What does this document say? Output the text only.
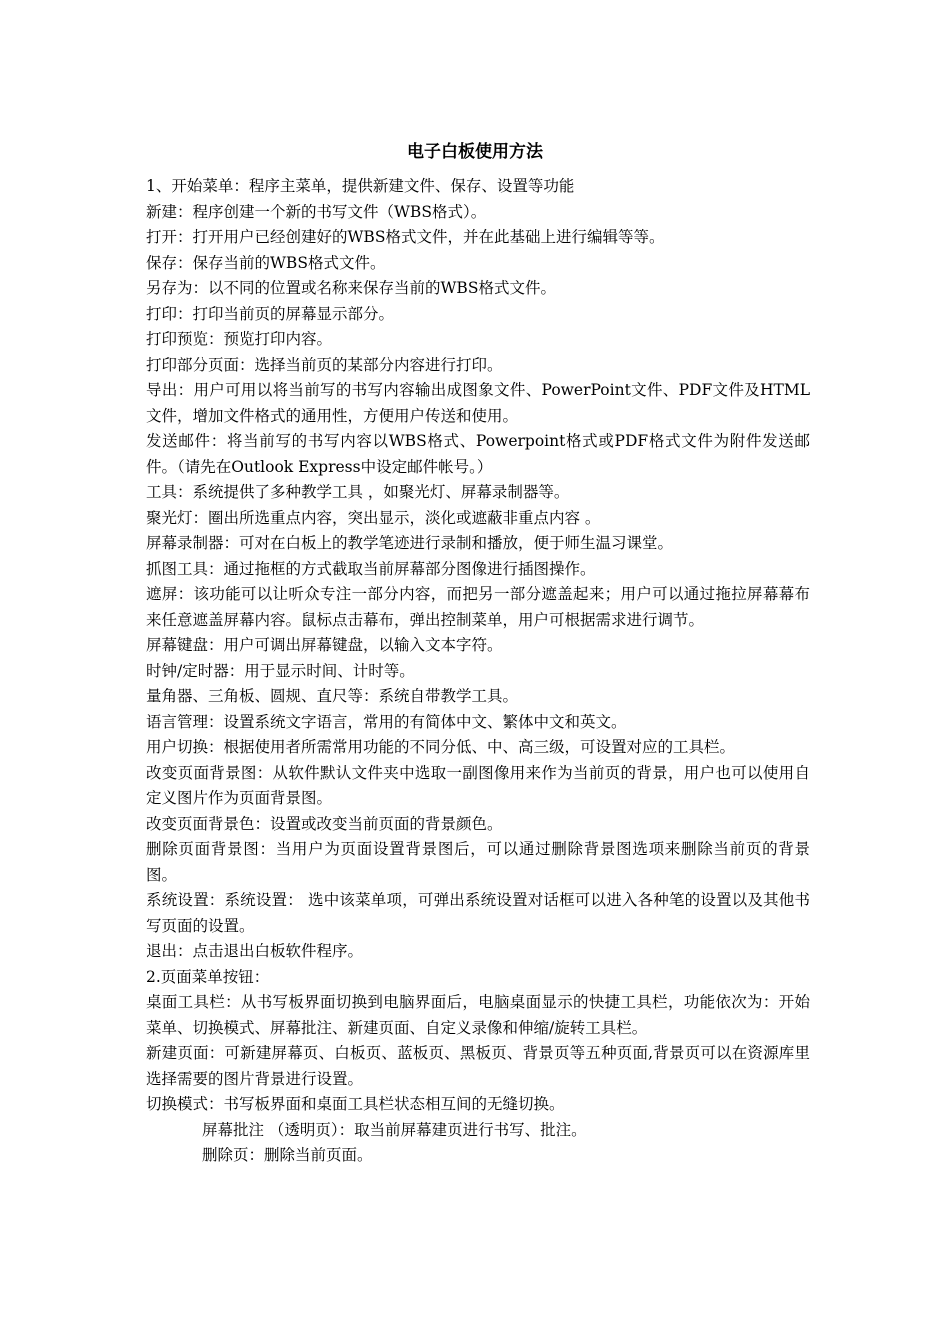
电子白板使用方法

1、开始菜单：程序主菜单，提供新建文件、保存、设置等功能

新建：程序创建一个新的书写文件（WBS格式）。

打开：打开用户已经创建好的WBS格式文件，并在此基础上进行编辑等等。

保存：保存当前的WBS格式文件。

另存为：以不同的位置或名称来保存当前的WBS格式文件。

打印：打印当前页的屏幕显示部分。

打印预览：预览打印内容。

打印部分页面：选择当前页的某部分内容进行打印。

导出：用户可用以将当前写的书写内容输出成图象文件、PowerPoint文件、PDF文件及HTML文件，增加文件格式的通用性，方便用户传送和使用。

发送邮件：将当前写的书写内容以WBS格式、Powerpoint格式或PDF格式文件为附件发送邮件。（请先在Outlook Express中设定邮件帐号。）

工具：系统提供了多种教学工具 ，如聚光灯、屏幕录制器等。

聚光灯：圈出所选重点内容，突出显示，淡化或遮蔽非重点内容 。

屏幕录制器：可对在白板上的教学笔迹进行录制和播放，便于师生温习课堂。

抓图工具：通过拖框的方式截取当前屏幕部分图像进行插图操作。

遮屏：该功能可以让听众专注一部分内容，而把另一部分遮盖起来；用户可以通过拖拉屏幕幕布来任意遮盖屏幕内容。鼠标点击幕布，弹出控制菜单，用户可根据需求进行调节。

屏幕键盘：用户可调出屏幕键盘，以输入文本字符。

时钟/定时器：用于显示时间、计时等。

量角器、三角板、圆规、直尺等：系统自带教学工具。

语言管理：设置系统文字语言，常用的有简体中文、繁体中文和英文。

用户切换：根据使用者所需常用功能的不同分低、中、高三级，可设置对应的工具栏。

改变页面背景图：从软件默认文件夹中选取一副图像用来作为当前页的背景，用户也可以使用自定义图片作为页面背景图。

改变页面背景色：设置或改变当前页面的背景颜色。

删除页面背景图：当用户为页面设置背景图后，可以通过删除背景图选项来删除当前页的背景图。

系统设置：系统设置： 选中该菜单项，可弹出系统设置对话框可以进入各种笔的设置以及其他书写页面的设置。

退出：点击退出白板软件程序。

2.页面菜单按钮：

桌面工具栏：从书写板界面切换到电脑界面后，电脑桌面显示的快捷工具栏，功能依次为：开始菜单、切换模式、屏幕批注、新建页面、自定义录像和伸缩/旋转工具栏。

新建页面：可新建屏幕页、白板页、蓝板页、黑板页、背景页等五种页面,背景页可以在资源库里选择需要的图片背景进行设置。

切换模式：书写板界面和桌面工具栏状态相互间的无缝切换。

屏幕批注 （透明页）：取当前屏幕建页进行书写、批注。

删除页：删除当前页面。
